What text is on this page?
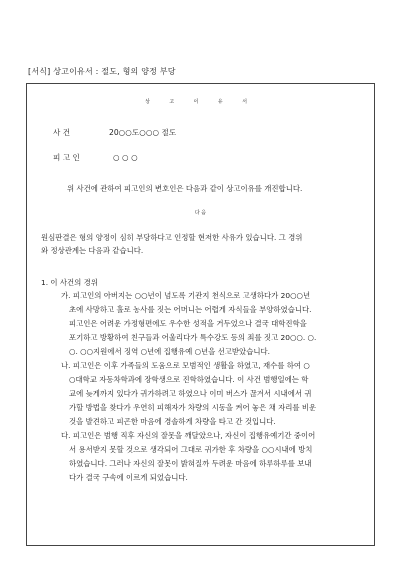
[서식] 상고이유서 : 절도, 형의 양정 부당
상 고 이 유 서
사 건	20○○도○○○ 절도
피 고 인	○ ○ ○
위 사건에 관하여 피고인의 변호인은 다음과 같이 상고이유를 개진합니다.
다 음
원심판결은 형의 양정이 심히 부당하다고 인정할 현저한 사유가 있습니다. 그 경위
와 정상관계는 다음과 같습니다.
1. 이 사건의 경위
가. 피고인의 아버지는 ○○년이 넘도록 기관지 천식으로 고생하다가 20○○년
초에 사망하고 홀로 농사를 짓는 어머니는 어렵게 자식들을 부양하였습니다.
피고인은 어려운 가정형편에도 우수한 성적을 거두었으나 결국 대학진학을
포기하고 방황하여 친구들과 어울리다가 특수강도 등의 죄를 짓고 20○○. ○.
○. ○○지원에서 징역 ○년에 집행유예 ○년을 선고받았습니다.
나. 피고인은 이후 가족들의 도움으로 모범적인 생활을 하였고, 재수를 하여 ○
○대학교 자동차학과에 장학생으로 진학하였습니다. 이 사건 범행일에는 학
교에 늦게까지 있다가 귀가하려고 하였으나 이미 버스가 끊겨서 시내에서 귀
가할 방법을 찾다가 우연히 피해자가 차량의 시동을 켜어 놓은 채 자리를 비운
것을 발견하고 피곤한 마음에 경솔하게 차량을 타고 간 것입니다.
다. 피고인은 범행 직후 자신의 잘못을 깨달았으나, 자신이 집행유예기간 중이어
서 용서받지 못할 것으로 생각되어 그대로 귀가한 후 차량을 ○○시내에 방치
하였습니다. 그러나 자신의 잘못이 밝혀질까 두려운 마음에 하루하루를 보내
다가 결국 구속에 이르게 되었습니다.
